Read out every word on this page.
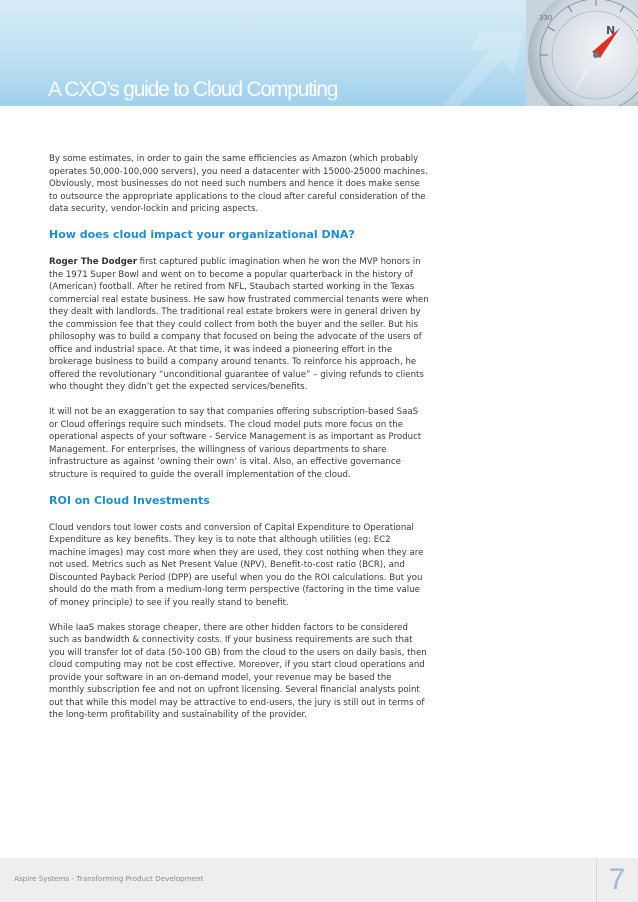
A CXO’s guide to Cloud Computing
330
N

By some estimates, in order to gain the same efficiencies as Amazon (which probably operates 50,000-100,000 servers), you need a datacenter with 15000-25000 machines. Obviously, most businesses do not need such numbers and hence it does make sense to outsource the appropriate applications to the cloud after careful consideration of the data security, vendor-lockin and pricing aspects.

How does cloud impact your organizational DNA?

Roger The Dodger first captured public imagination when he won the MVP honors in the 1971 Super Bowl and went on to become a popular quarterback in the history of (American) football. After he retired from NFL, Staubach started working in the Texas commercial real estate business. He saw how frustrated commercial tenants were when they dealt with landlords. The traditional real estate brokers were in general driven by the commission fee that they could collect from both the buyer and the seller. But his philosophy was to build a company that focused on being the advocate of the users of office and industrial space. At that time, it was indeed a pioneering effort in the brokerage business to build a company around tenants. To reinforce his approach, he offered the revolutionary “unconditional guarantee of value” – giving refunds to clients who thought they didn’t get the expected services/benefits.

It will not be an exaggeration to say that companies offering subscription-based SaaS or Cloud offerings require such mindsets. The cloud model puts more focus on the operational aspects of your software - Service Management is as important as Product Management. For enterprises, the willingness of various departments to share infrastructure as against ‘owning their own’ is vital. Also, an effective governance structure is required to guide the overall implementation of the cloud.

ROI on Cloud Investments

Cloud vendors tout lower costs and conversion of Capital Expenditure to Operational Expenditure as key benefits. They key is to note that although utilities (eg: EC2 machine images) may cost more when they are used, they cost nothing when they are not used. Metrics such as Net Present Value (NPV), Benefit-to-cost ratio (BCR), and Discounted Payback Period (DPP) are useful when you do the ROI calculations. But you should do the math from a medium-long term perspective (factoring in the time value of money principle) to see if you really stand to benefit.

While IaaS makes storage cheaper, there are other hidden factors to be considered such as bandwidth & connectivity costs. If your business requirements are such that you will transfer lot of data (50-100 GB) from the cloud to the users on daily basis, then cloud computing may not be cost effective. Moreover, if you start cloud operations and provide your software in an on-demand model, your revenue may be based the monthly subscription fee and not on upfront licensing. Several financial analysts point out that while this model may be attractive to end-users, the jury is still out in terms of the long-term profitability and sustainability of the provider.

Aspire Systems - Transforming Product Development	7
